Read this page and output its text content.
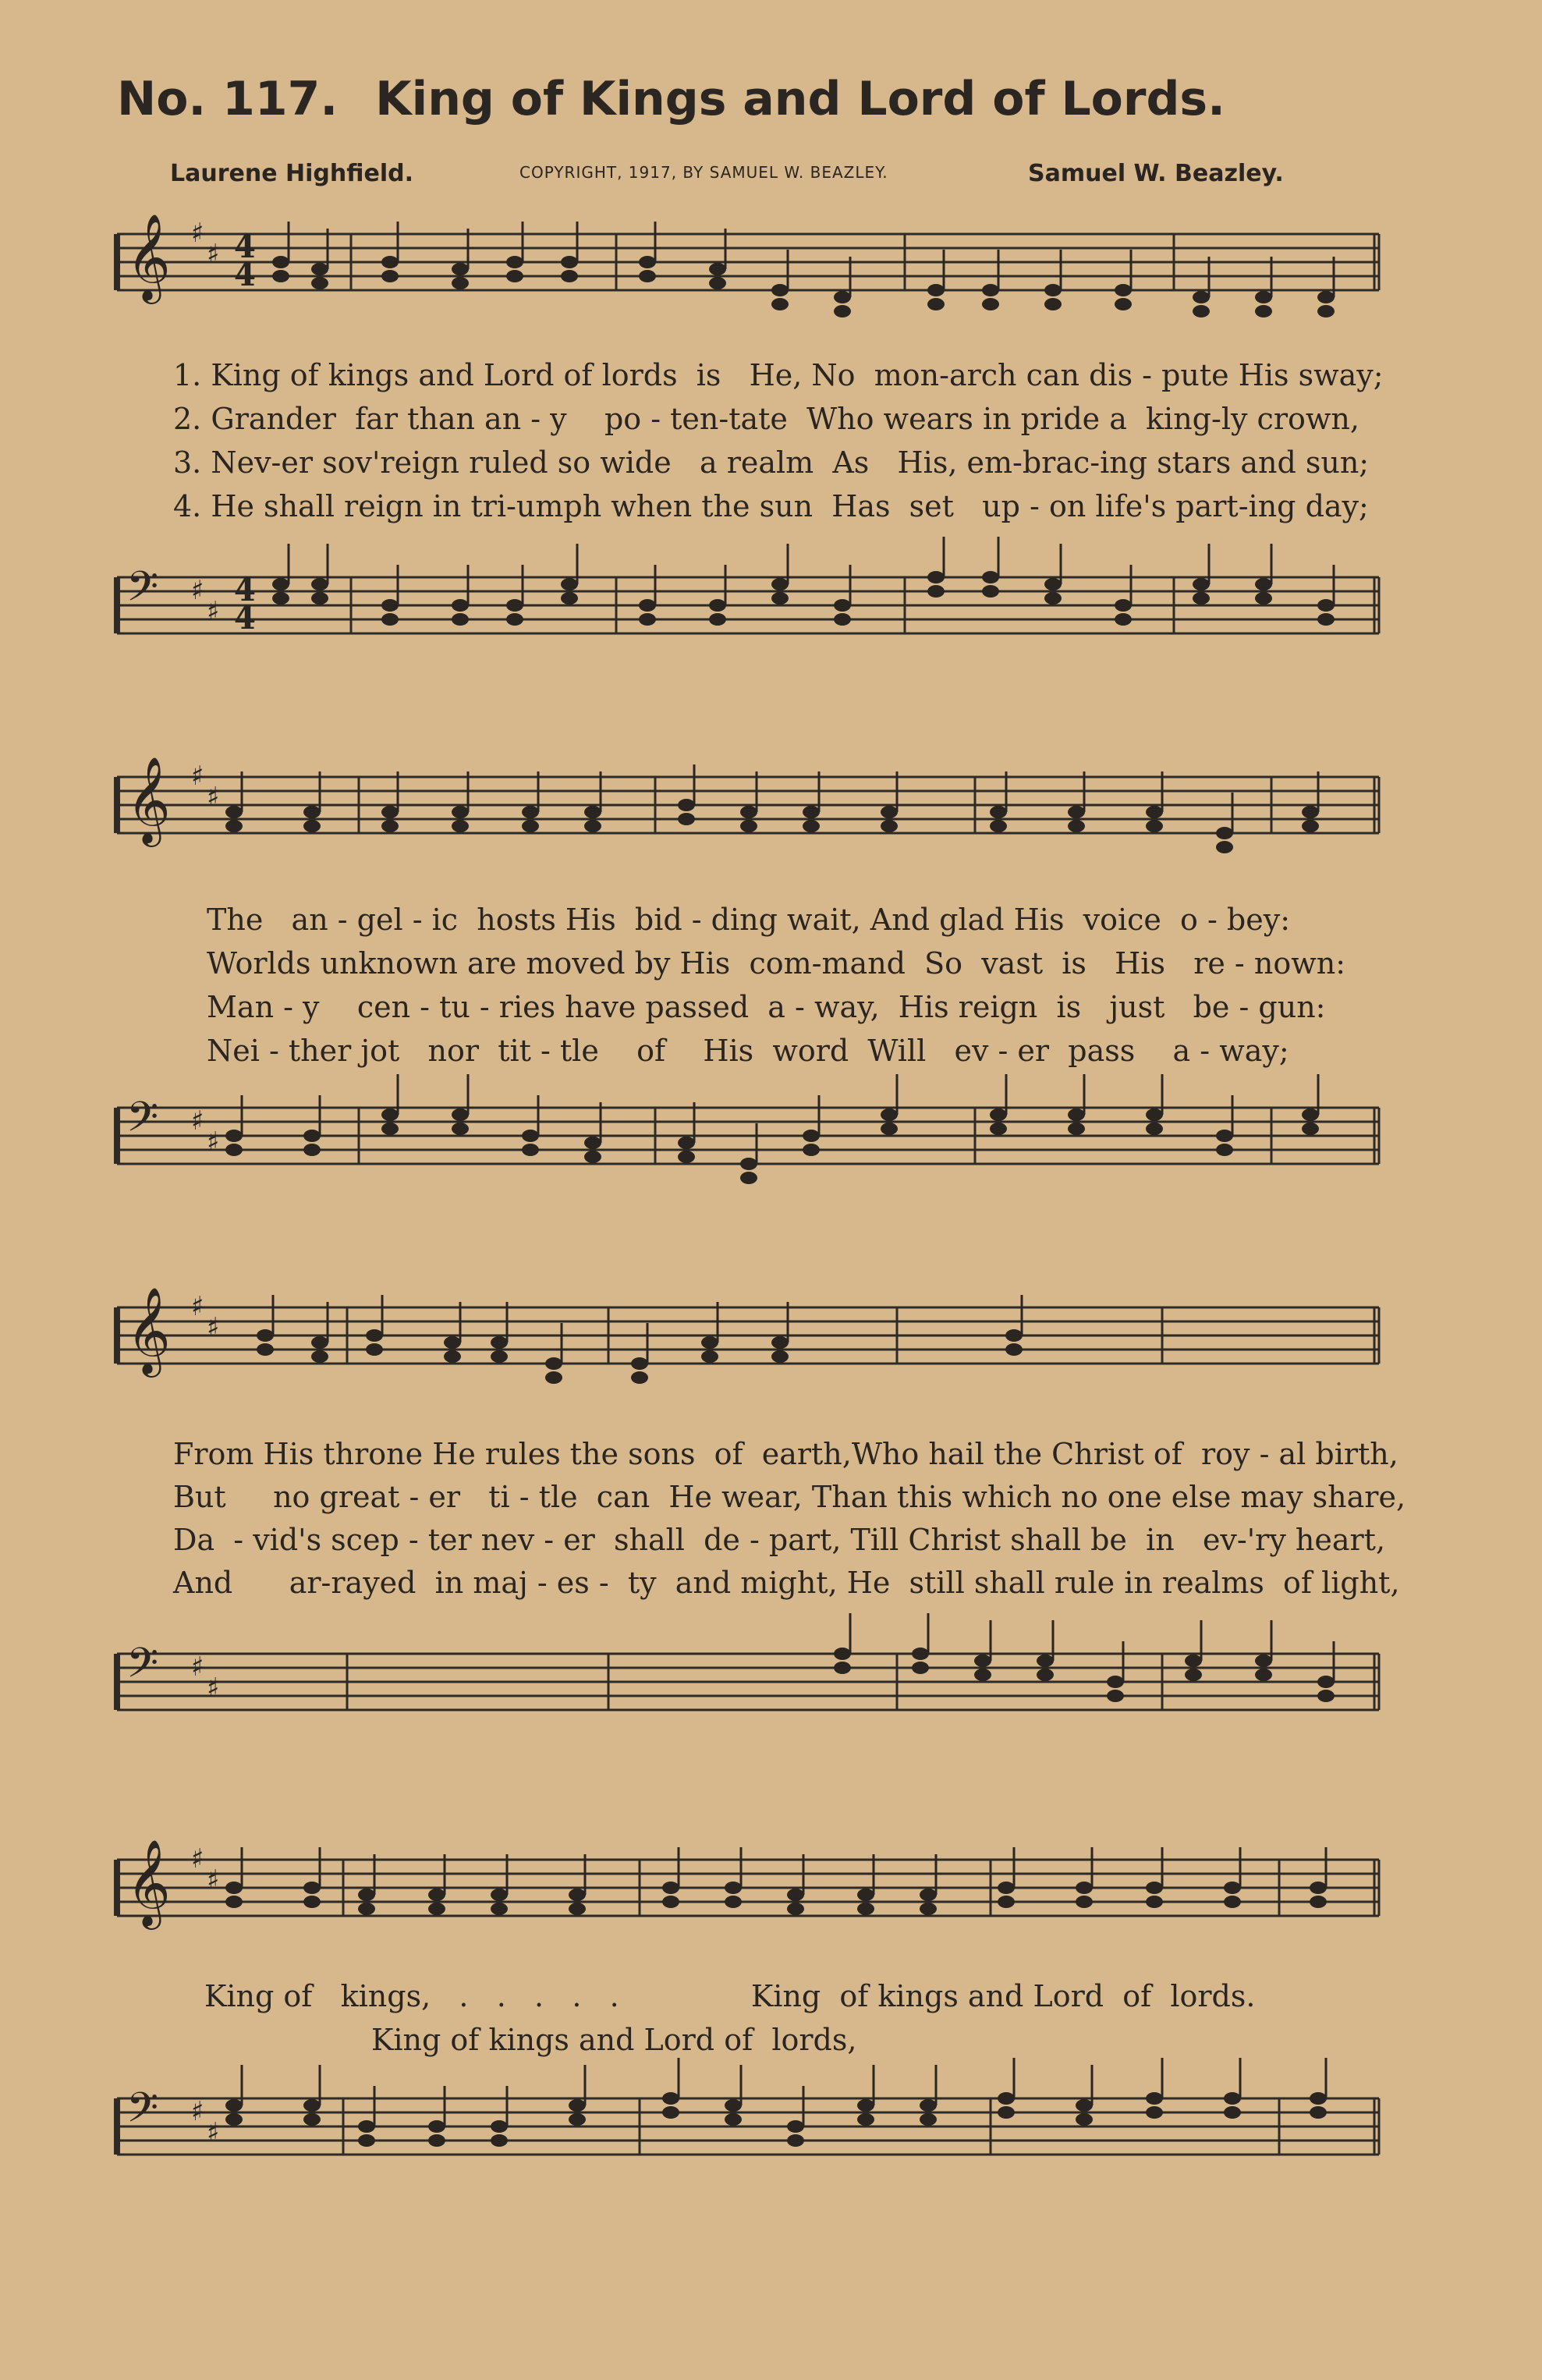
No. 117. King of Kings and Lord of Lords.
Laurene Highfield.	COPYRIGHT, 1917, BY SAMUEL W. BEAZLEY.	Samuel W. Beazley.
𝄞 ♯
♯ 4
4
1. King of kings and Lord of lords  is   He, No  mon-arch can dis - pute His sway;
2. Grander  far than an - y    po - ten-tate  Who wears in pride a  king-ly crown,
3. Nev-er sov'reign ruled so wide   a realm  As   His, em-brac-ing stars and sun;
4. He shall reign in tri-umph when the sun  Has  set   up - on life's part-ing day;
𝄢 ♯
♯
4
4
𝄞 ♯
♯
The   an - gel - ic  hosts His  bid - ding wait, And glad His  voice  o - bey:
Worlds unknown are moved by His  com-mand  So  vast  is   His   re - nown:
Man - y    cen - tu - ries have passed  a - way,  His reign  is   just   be - gun:
Nei - ther jot   nor  tit - tle    of    His  word  Will   ev - er  pass    a - way;
𝄢 ♯
♯
𝄞 ♯
♯
From His throne He rules the sons  of  earth,Who hail the Christ of  roy - al birth,
But     no great - er   ti - tle  can  He wear, Than this which no one else may share,
Da  - vid's scep - ter nev - er  shall  de - part, Till Christ shall be  in   ev-'ry heart,
And      ar-rayed  in maj - es -  ty  and might, He  still shall rule in realms  of light,
𝄢 ♯
♯
𝄞 ♯
♯
King of   kings,   .   .   .   .   .              King  of kings and Lord  of  lords.
King of kings and Lord of  lords,
𝄢 ♯
♯
